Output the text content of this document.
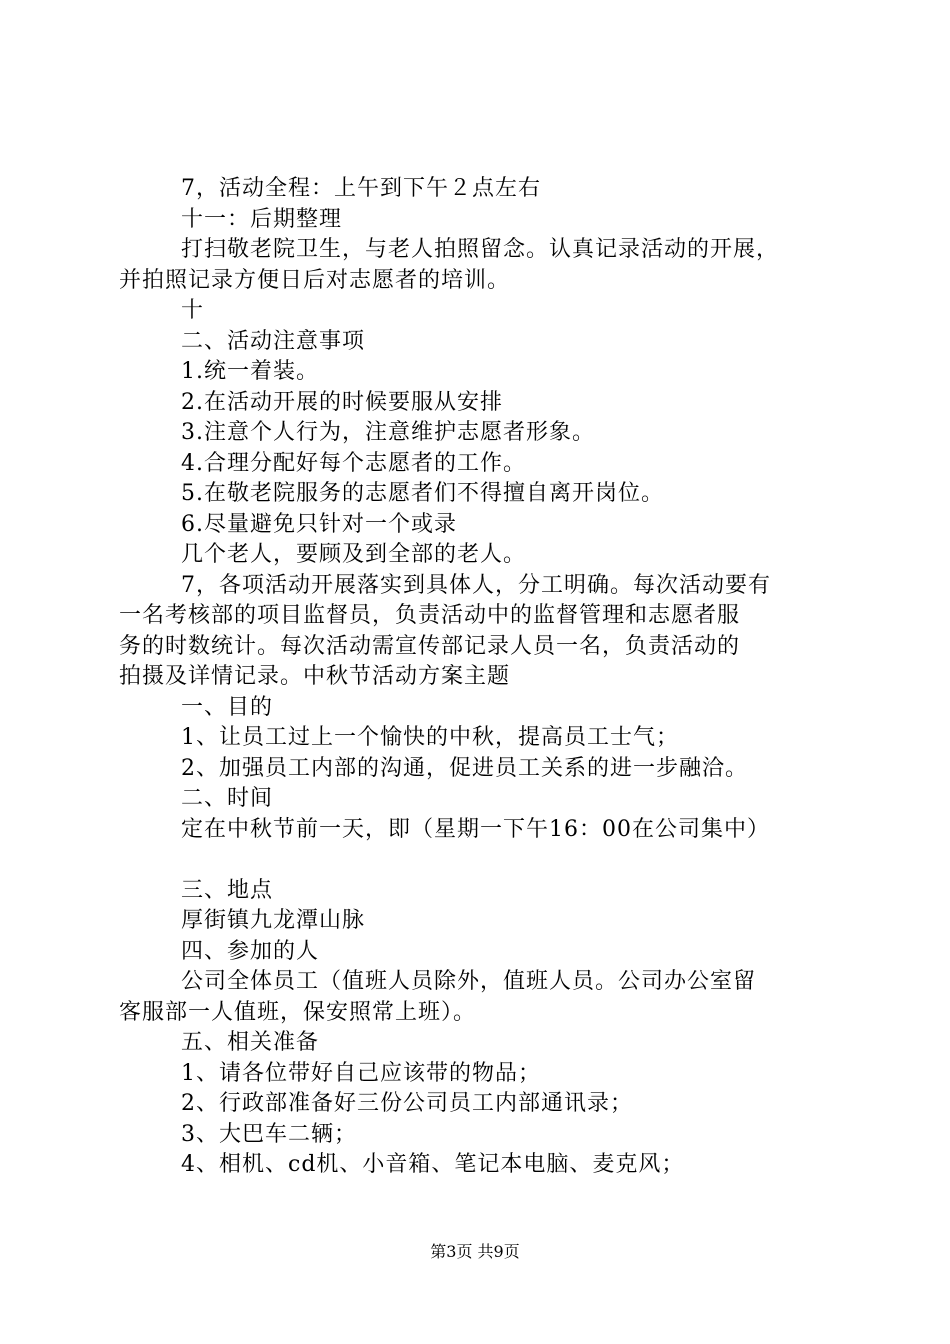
7，活动全程：上午到下午２点左右
十一：后期整理
打扫敬老院卫生，与老人拍照留念。认真记录活动的开展，
并拍照记录方便日后对志愿者的培训。
十
二、活动注意事项
1.统一着装。
2.在活动开展的时候要服从安排
3.注意个人行为，注意维护志愿者形象。
4.合理分配好每个志愿者的工作。
5.在敬老院服务的志愿者们不得擅自离开岗位。
6.尽量避免只针对一个或录
几个老人，要顾及到全部的老人。
7，各项活动开展落实到具体人，分工明确。每次活动要有
一名考核部的项目监督员，负责活动中的监督管理和志愿者服
务的时数统计。每次活动需宣传部记录人员一名，负责活动的
拍摄及详情记录。中秋节活动方案主题
一、目的
1、让员工过上一个愉快的中秋，提高员工士气；
2、加强员工内部的沟通，促进员工关系的进一步融洽。
二、时间
定在中秋节前一天，即（星期一下午16：00在公司集中）
三、地点
厚街镇九龙潭山脉
四、参加的人
公司全体员工（值班人员除外，值班人员。公司办公室留
客服部一人值班，保安照常上班）。
五、相关准备
1、请各位带好自己应该带的物品；
2、行政部准备好三份公司员工内部通讯录；
3、大巴车二辆；
4、相机、cd机、小音箱、笔记本电脑、麦克风；
第3页 共9页
